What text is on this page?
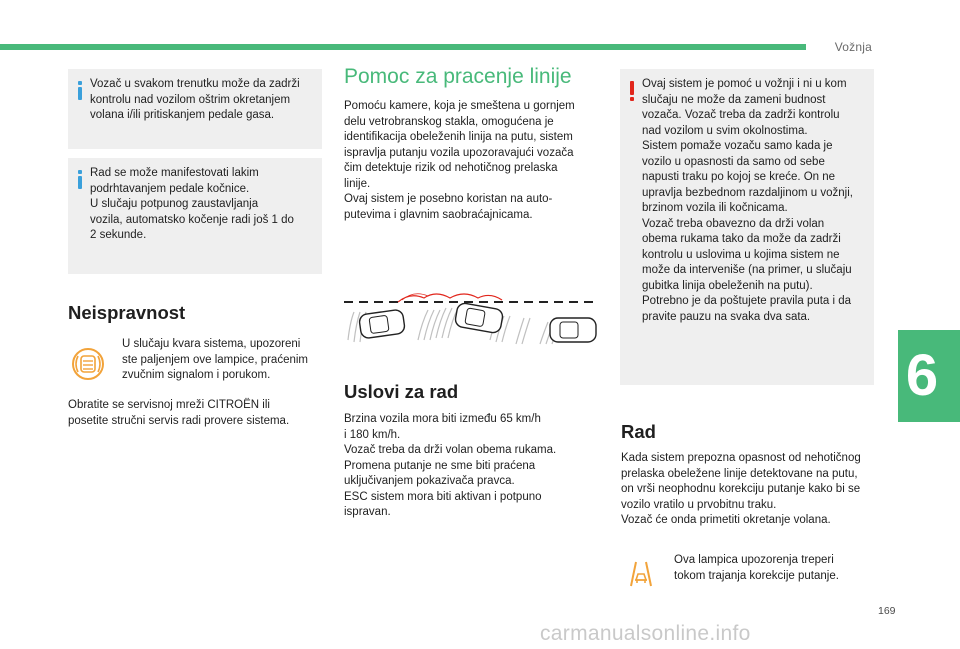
Vožnja
6
Vozač u svakom trenutku može da zadrži
kontrolu nad vozilom oštrim okretanjem
volana i/ili pritiskanjem pedale gasa.
Rad se može manifestovati lakim
podrhtavanjem pedale kočnice.
U slučaju potpunog zaustavljanja
vozila, automatsko kočenje radi još 1 do
2 sekunde.
Neispravnost
U slučaju kvara sistema, upozoreni
ste paljenjem ove lampice, praćenim
zvučnim signalom i porukom.
Obratite se servisnoj mreži CITROËN ili
posetite stručni servis radi provere sistema.
Pomoc za pracenje linije
Pomoću kamere, koja je smeštena u gornjem
delu vetrobranskog stakla, omogućena je
identifikacija obeleženih linija na putu, sistem
ispravlja putanju vozila upozoravajući vozača
čim detektuje rizik od nehotičnog prelaska
linije.
Ovaj sistem je posebno koristan na auto-
putevima i glavnim saobraćajnicama.
Uslovi za rad
Brzina vozila mora biti između 65 km/h
i 180 km/h.
Vozač treba da drži volan obema rukama.
Promena putanje ne sme biti praćena
uključivanjem pokazivača pravca.
ESC sistem mora biti aktivan i potpuno
ispravan.
Ovaj sistem je pomoć u vožnji i ni u kom
slučaju ne može da zameni budnost
vozača. Vozač treba da zadrži kontrolu
nad vozilom u svim okolnostima.
Sistem pomaže vozaču samo kada je
vozilo u opasnosti da samo od sebe
napusti traku po kojoj se kreće. On ne
upravlja bezbednom razdaljinom u vožnji,
brzinom vozila ili kočnicama.
Vozač treba obavezno da drži volan
obema rukama tako da može da zadrži
kontrolu u uslovima u kojima sistem ne
može da interveniše (na primer, u slučaju
gubitka linija obeleženih na putu).
Potrebno je da poštujete pravila puta i da
pravite pauzu na svaka dva sata.
Rad
Kada sistem prepozna opasnost od nehotičnog
prelaska obeležene linije detektovane na putu,
on vrši neophodnu korekciju putanje kako bi se
vozilo vratilo u prvobitnu traku.
Vozač će onda primetiti okretanje volana.
Ova lampica upozorenja treperi
tokom trajanja korekcije putanje.
169
carmanualsonline.info
